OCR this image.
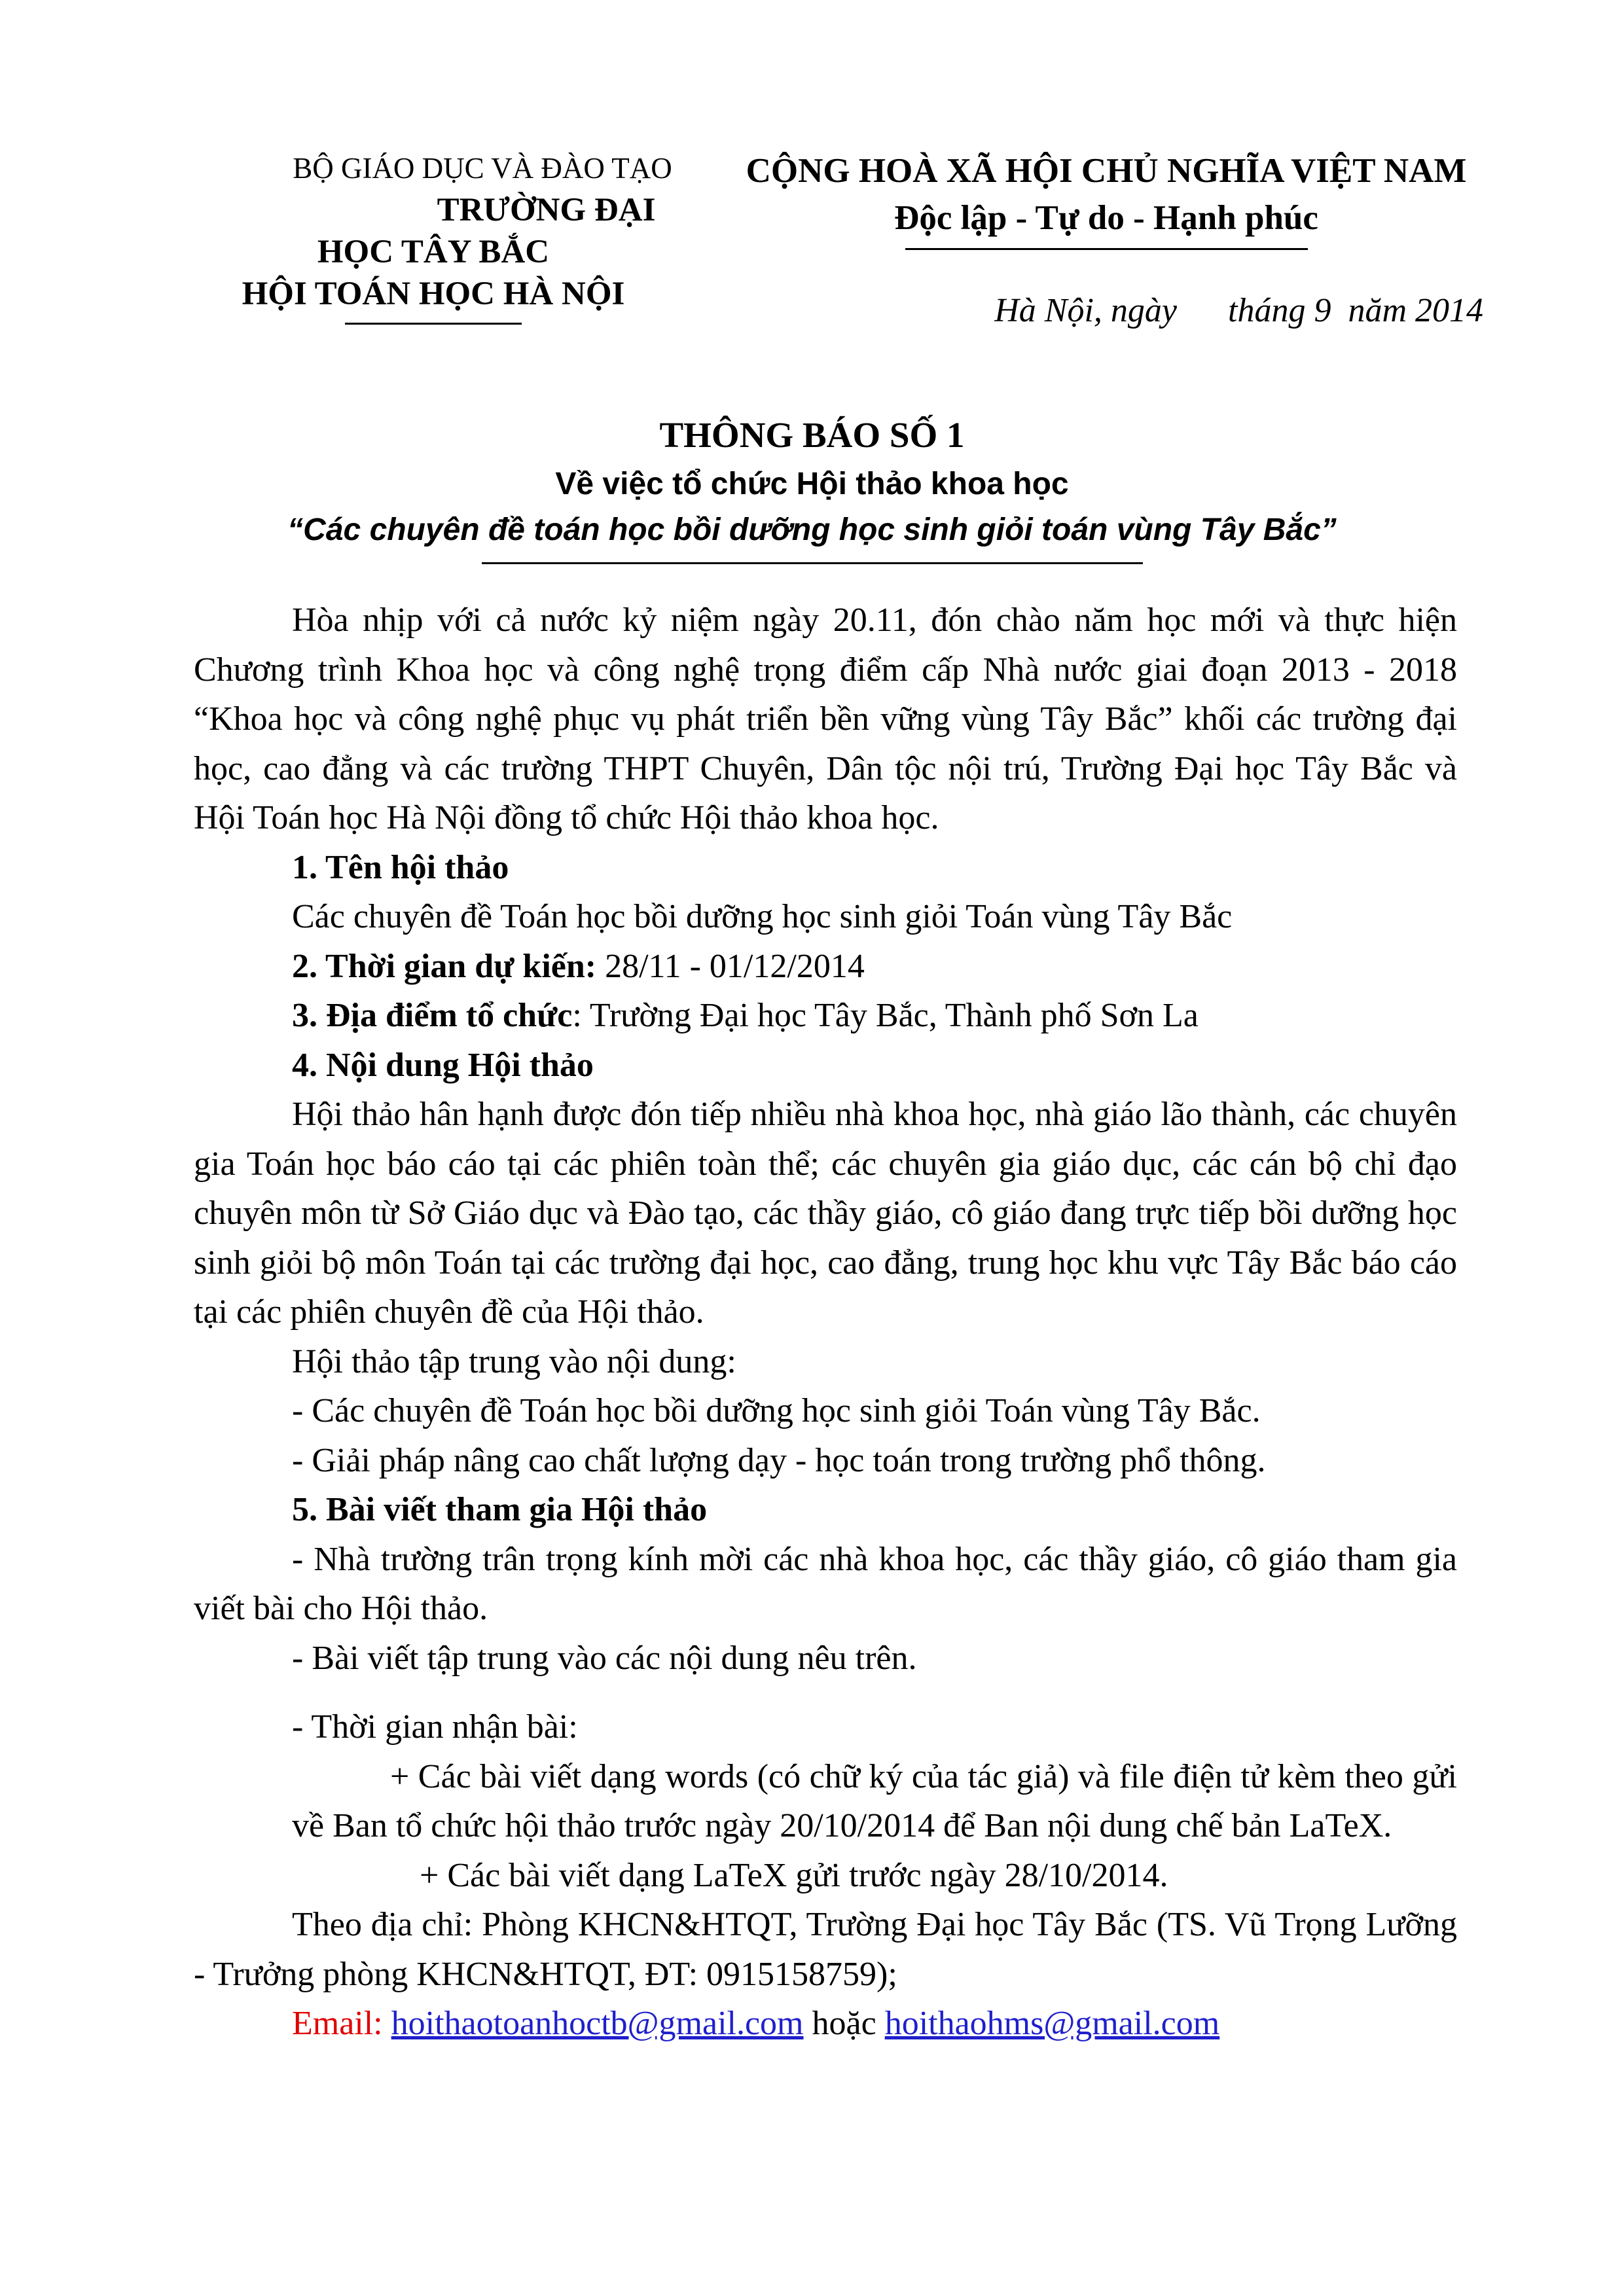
BỘ GIÁO DỤC VÀ ĐÀO TẠO
TRƯỜNG ĐẠI HỌC TÂY BẮC
HỘI TOÁN HỌC HÀ NỘI
CỘNG HOÀ XÃ HỘI CHỦ NGHĨA VIỆT NAM
Độc lập - Tự do - Hạnh phúc
Hà Nội, ngày      tháng 9  năm 2014
THÔNG BÁO SỐ 1
Về việc tổ chức Hội thảo khoa học
“Các chuyên đề toán học bồi dưỡng học sinh giỏi toán vùng Tây Bắc”

Hòa nhịp với cả nước kỷ niệm ngày 20.11, đón chào năm học mới và thực hiện Chương trình Khoa học và công nghệ trọng điểm cấp Nhà nước giai đoạn 2013 - 2018 “Khoa học và công nghệ phục vụ phát triển bền vững vùng Tây Bắc” khối các trường đại học, cao đẳng và các trường THPT Chuyên, Dân tộc nội trú, Trường Đại học Tây Bắc và Hội Toán học Hà Nội đồng tổ chức Hội thảo khoa học.

1. Tên hội thảo

Các chuyên đề Toán học bồi dưỡng học sinh giỏi Toán vùng Tây Bắc

2. Thời gian dự kiến: 28/11 - 01/12/2014

3. Địa điểm tổ chức: Trường Đại học Tây Bắc, Thành phố Sơn La

4. Nội dung Hội thảo

Hội thảo hân hạnh được đón tiếp nhiều nhà khoa học, nhà giáo lão thành, các chuyên gia Toán học báo cáo tại các phiên toàn thể; các chuyên gia giáo dục, các cán bộ chỉ đạo chuyên môn từ Sở Giáo dục và Đào tạo, các thầy giáo, cô giáo đang trực tiếp bồi dưỡng học sinh giỏi bộ môn Toán tại các trường đại học, cao đẳng, trung học khu vực Tây Bắc báo cáo tại các phiên chuyên đề của Hội thảo.

Hội thảo tập trung vào nội dung:

- Các chuyên đề Toán học bồi dưỡng học sinh giỏi Toán vùng Tây Bắc.

- Giải pháp nâng cao chất lượng dạy - học toán trong trường phổ thông.

5. Bài viết tham gia Hội thảo

- Nhà trường trân trọng kính mời các nhà khoa học, các thầy giáo, cô giáo tham gia viết bài cho Hội thảo.

- Bài viết tập trung vào các nội dung nêu trên.

- Thời gian nhận bài:

+ Các bài viết dạng words (có chữ ký của tác giả) và file điện tử kèm theo gửi về Ban tổ chức hội thảo trước ngày 20/10/2014 để Ban nội dung chế bản LaTeX.

+ Các bài viết dạng LaTeX gửi trước ngày 28/10/2014.

Theo địa chỉ: Phòng KHCN&HTQT, Trường Đại học Tây Bắc (TS. Vũ Trọng Lưỡng - Trưởng phòng KHCN&HTQT, ĐT: 0915158759);

Email: hoithaotoanhoctb@gmail.com hoặc hoithaohms@gmail.com
